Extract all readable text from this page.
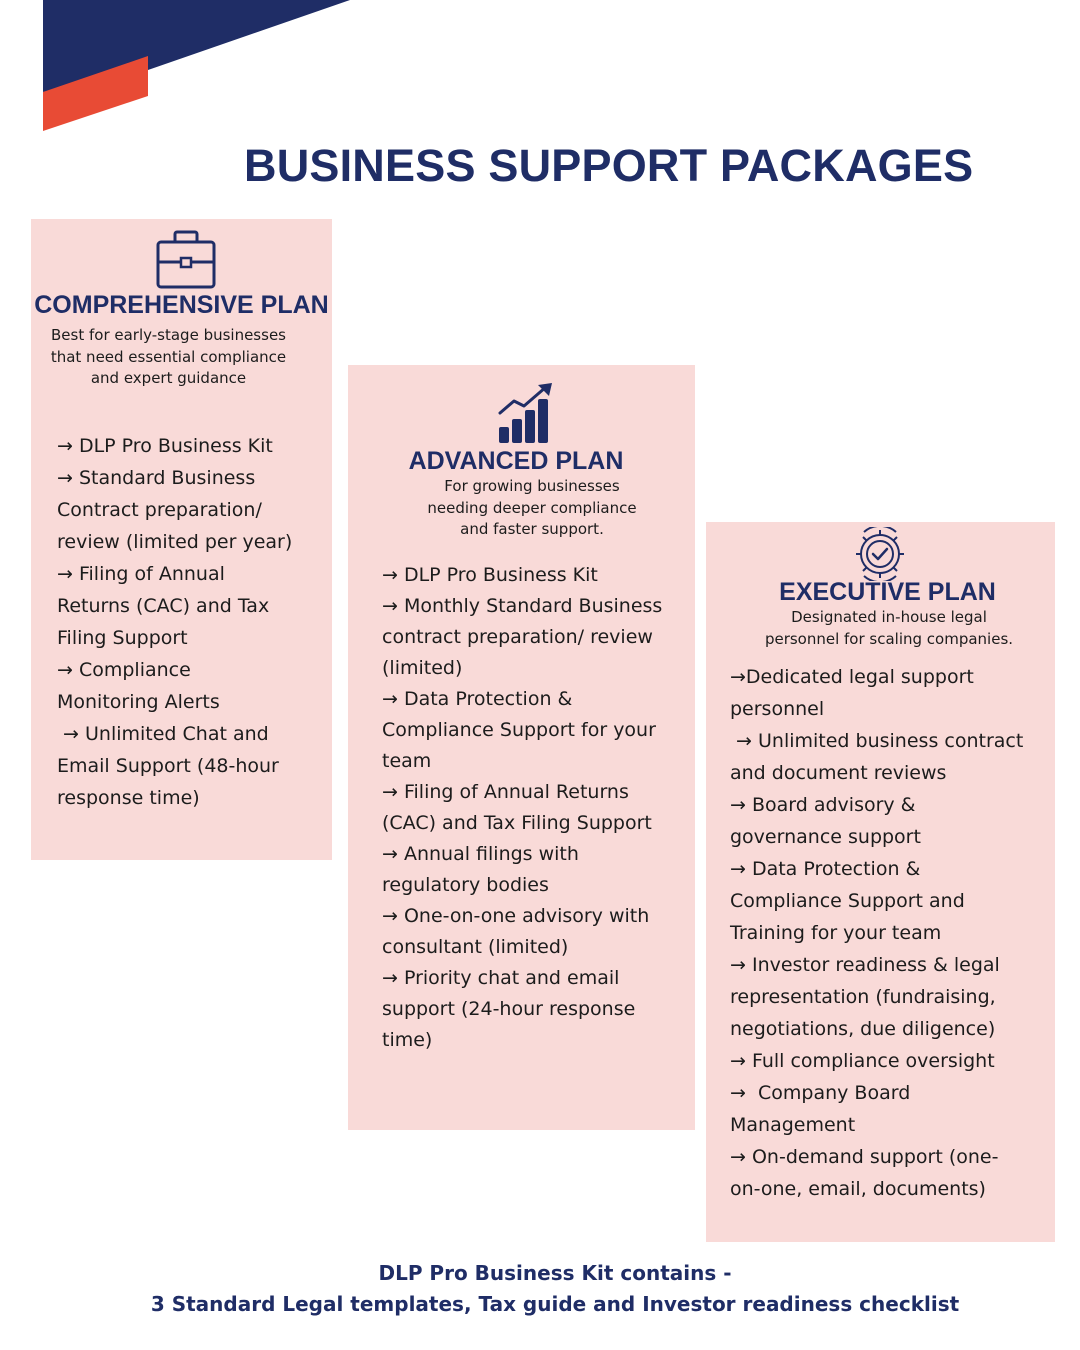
BUSINESS SUPPORT PACKAGES
COMPREHENSIVE PLAN
Best for early-stage businesses
that need essential compliance
and expert guidance
→ DLP Pro Business Kit
→ Standard Business
Contract preparation/
review (limited per year)
→ Filing of Annual
Returns (CAC) and Tax
Filing Support
→ Compliance
Monitoring Alerts
→ Unlimited Chat and
Email Support (48-hour
response time)
ADVANCED PLAN
For growing businesses
needing deeper compliance
and faster support.
→ DLP Pro Business Kit
→ Monthly Standard Business
contract preparation/ review
(limited)
→ Data Protection &
Compliance Support for your
team
→ Filing of Annual Returns
(CAC) and Tax Filing Support
→ Annual filings with
regulatory bodies
→ One-on-one advisory with
consultant (limited)
→ Priority chat and email
support (24-hour response
time)
EXECUTIVE PLAN
Designated in-house legal
personnel for scaling companies.
→Dedicated legal support
personnel
→ Unlimited business contract
and document reviews
→ Board advisory &
governance support
→ Data Protection &
Compliance Support and
Training for your team
→ Investor readiness & legal
representation (fundraising,
negotiations, due diligence)
→ Full compliance oversight
→  Company Board
Management
→ On-demand support (one-
on-one, email, documents)
DLP Pro Business Kit contains -
3 Standard Legal templates, Tax guide and Investor readiness checklist
